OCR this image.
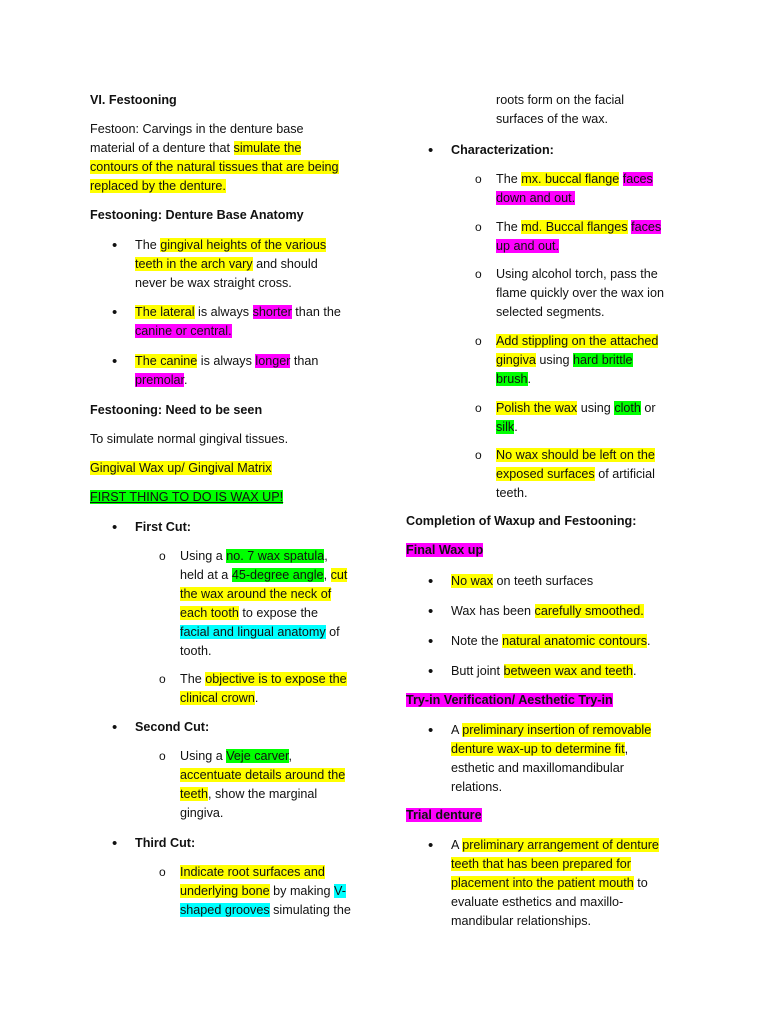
VI. Festooning

Festoon: Carvings in the denture base

material of a denture that simulate the

contours of the natural tissues that are being

replaced by the denture.

Festooning: Denture Base Anatomy

•

The gingival heights of the various

teeth in the arch vary and should

never be wax straight cross.

•

The lateral is always shorter than the

canine or central.

•

The canine is always longer than

premolar.

Festooning: Need to be seen

To simulate normal gingival tissues.

Gingival Wax up/ Gingival Matrix

FIRST THING TO DO IS WAX UP!

•

First Cut:

o

Using a no. 7 wax spatula,

held at a 45-degree angle, cut

the wax around the neck of

each tooth to expose the

facial and lingual anatomy of

tooth.

o

The objective is to expose the

clinical crown.

•

Second Cut:

o

Using a Veje carver,

accentuate details around the

teeth, show the marginal

gingiva.

•

Third Cut:

o

Indicate root surfaces and

underlying bone by making V-

shaped grooves simulating the

roots form on the facial

surfaces of the wax.

•

Characterization:

o

The mx. buccal flange faces

down and out.

o

The md. Buccal flanges faces

up and out.

o

Using alcohol torch, pass the

flame quickly over the wax ion

selected segments.

o

Add stippling on the attached

gingiva using hard brittle

brush.

o

Polish the wax using cloth or

silk.

o

No wax should be left on the

exposed surfaces of artificial

teeth.

Completion of Waxup and Festooning:

Final Wax up

•

No wax on teeth surfaces

•

Wax has been carefully smoothed.

•

Note the natural anatomic contours.

•

Butt joint between wax and teeth.

Try-in Verification/ Aesthetic Try-in

•

A preliminary insertion of removable

denture wax-up to determine fit,

esthetic and maxillomandibular

relations.

Trial denture

•

A preliminary arrangement of denture

teeth that has been prepared for

placement into the patient mouth to

evaluate esthetics and maxillo-

mandibular relationships.
